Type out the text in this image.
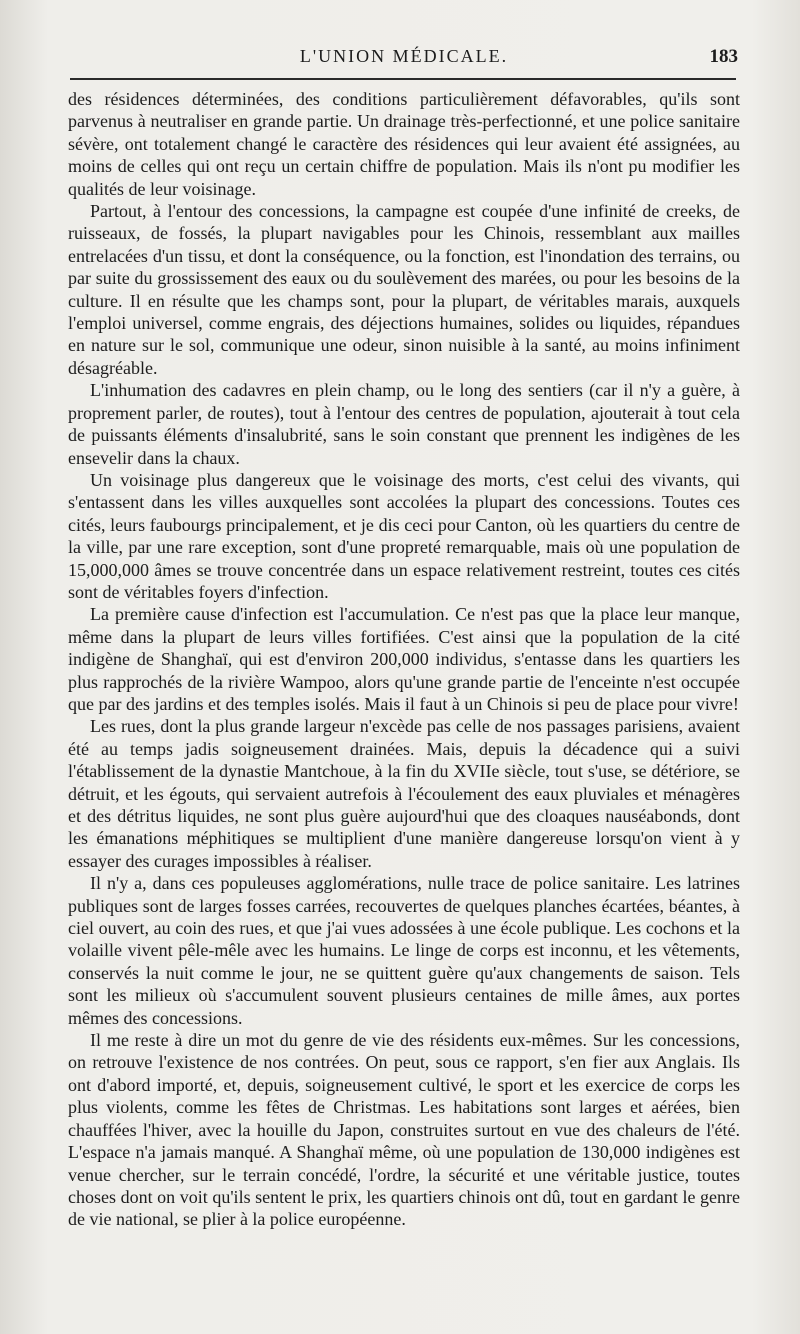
L'UNION MÉDICALE.	183

des résidences déterminées, des conditions particulièrement défavorables, qu'ils sont parvenus à neutraliser en grande partie. Un drainage très-perfectionné, et une police sanitaire sévère, ont totalement changé le caractère des résidences qui leur avaient été assignées, au moins de celles qui ont reçu un certain chiffre de population. Mais ils n'ont pu modifier les qualités de leur voisinage.

Partout, à l'entour des concessions, la campagne est coupée d'une infinité de creeks, de ruisseaux, de fossés, la plupart navigables pour les Chinois, ressemblant aux mailles entrelacées d'un tissu, et dont la conséquence, ou la fonction, est l'inondation des terrains, ou par suite du grossissement des eaux ou du soulèvement des marées, ou pour les besoins de la culture. Il en résulte que les champs sont, pour la plupart, de véritables marais, auxquels l'emploi universel, comme engrais, des déjections humaines, solides ou liquides, répandues en nature sur le sol, communique une odeur, sinon nuisible à la santé, au moins infiniment désagréable.

L'inhumation des cadavres en plein champ, ou le long des sentiers (car il n'y a guère, à proprement parler, de routes), tout à l'entour des centres de population, ajouterait à tout cela de puissants éléments d'insalubrité, sans le soin constant que prennent les indigènes de les ensevelir dans la chaux.

Un voisinage plus dangereux que le voisinage des morts, c'est celui des vivants, qui s'entassent dans les villes auxquelles sont accolées la plupart des concessions. Toutes ces cités, leurs faubourgs principalement, et je dis ceci pour Canton, où les quartiers du centre de la ville, par une rare exception, sont d'une propreté remarquable, mais où une population de 15,000,000 âmes se trouve concentrée dans un espace relativement restreint, toutes ces cités sont de véritables foyers d'infection.

La première cause d'infection est l'accumulation. Ce n'est pas que la place leur manque, même dans la plupart de leurs villes fortifiées. C'est ainsi que la population de la cité indigène de Shanghaï, qui est d'environ 200,000 individus, s'entasse dans les quartiers les plus rapprochés de la rivière Wampoo, alors qu'une grande partie de l'enceinte n'est occupée que par des jardins et des temples isolés. Mais il faut à un Chinois si peu de place pour vivre!

Les rues, dont la plus grande largeur n'excède pas celle de nos passages parisiens, avaient été au temps jadis soigneusement drainées. Mais, depuis la décadence qui a suivi l'établissement de la dynastie Mantchoue, à la fin du XVIIe siècle, tout s'use, se détériore, se détruit, et les égouts, qui servaient autrefois à l'écoulement des eaux pluviales et ménagères et des détritus liquides, ne sont plus guère aujourd'hui que des cloaques nauséabonds, dont les émanations méphitiques se multiplient d'une manière dangereuse lorsqu'on vient à y essayer des curages impossibles à réaliser.

Il n'y a, dans ces populeuses agglomérations, nulle trace de police sanitaire. Les latrines publiques sont de larges fosses carrées, recouvertes de quelques planches écartées, béantes, à ciel ouvert, au coin des rues, et que j'ai vues adossées à une école publique. Les cochons et la volaille vivent pêle-mêle avec les humains. Le linge de corps est inconnu, et les vêtements, conservés la nuit comme le jour, ne se quittent guère qu'aux changements de saison. Tels sont les milieux où s'accumulent souvent plusieurs centaines de mille âmes, aux portes mêmes des concessions.

Il me reste à dire un mot du genre de vie des résidents eux-mêmes. Sur les concessions, on retrouve l'existence de nos contrées. On peut, sous ce rapport, s'en fier aux Anglais. Ils ont d'abord importé, et, depuis, soigneusement cultivé, le sport et les exercice de corps les plus violents, comme les fêtes de Christmas. Les habitations sont larges et aérées, bien chauffées l'hiver, avec la houille du Japon, construites surtout en vue des chaleurs de l'été. L'espace n'a jamais manqué. A Shanghaï même, où une population de 130,000 indigènes est venue chercher, sur le terrain concédé, l'ordre, la sécurité et une véritable justice, toutes choses dont on voit qu'ils sentent le prix, les quartiers chinois ont dû, tout en gardant le genre de vie national, se plier à la police européenne.
